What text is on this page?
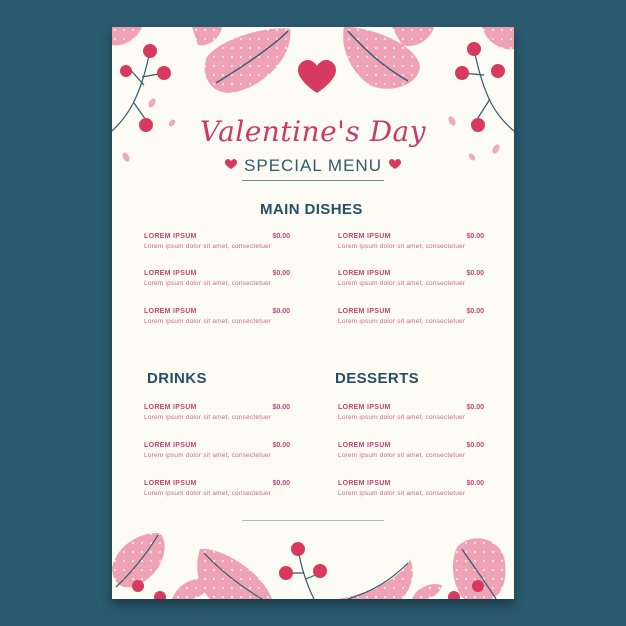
Valentine's Day
SPECIAL MENU
MAIN DISHES
LOREM IPSUM	$0.00
Lorem ipsum dolor sit amet, consectetuer
LOREM IPSUM	$0.00
Lorem ipsum dolor sit amet, consectetuer
LOREM IPSUM	$0.00
Lorem ipsum dolor sit amet, consectetuer
LOREM IPSUM	$0.00
Lorem ipsum dolor sit amet, consectetuer
LOREM IPSUM	$0.00
Lorem ipsum dolor sit amet, consectetuer
LOREM IPSUM	$0.00
Lorem ipsum dolor sit amet, consectetuer
DRINKS	DESSERTS
LOREM IPSUM	$0.00
Lorem ipsum dolor sit amet, consectetuer
LOREM IPSUM	$0.00
Lorem ipsum dolor sit amet, consectetuer
LOREM IPSUM	$0.00
Lorem ipsum dolor sit amet, consectetuer
LOREM IPSUM	$0.00
Lorem ipsum dolor sit amet, consectetuer
LOREM IPSUM	$0.00
Lorem ipsum dolor sit amet, consectetuer
LOREM IPSUM	$0.00
Lorem ipsum dolor sit amet, consectetuer
